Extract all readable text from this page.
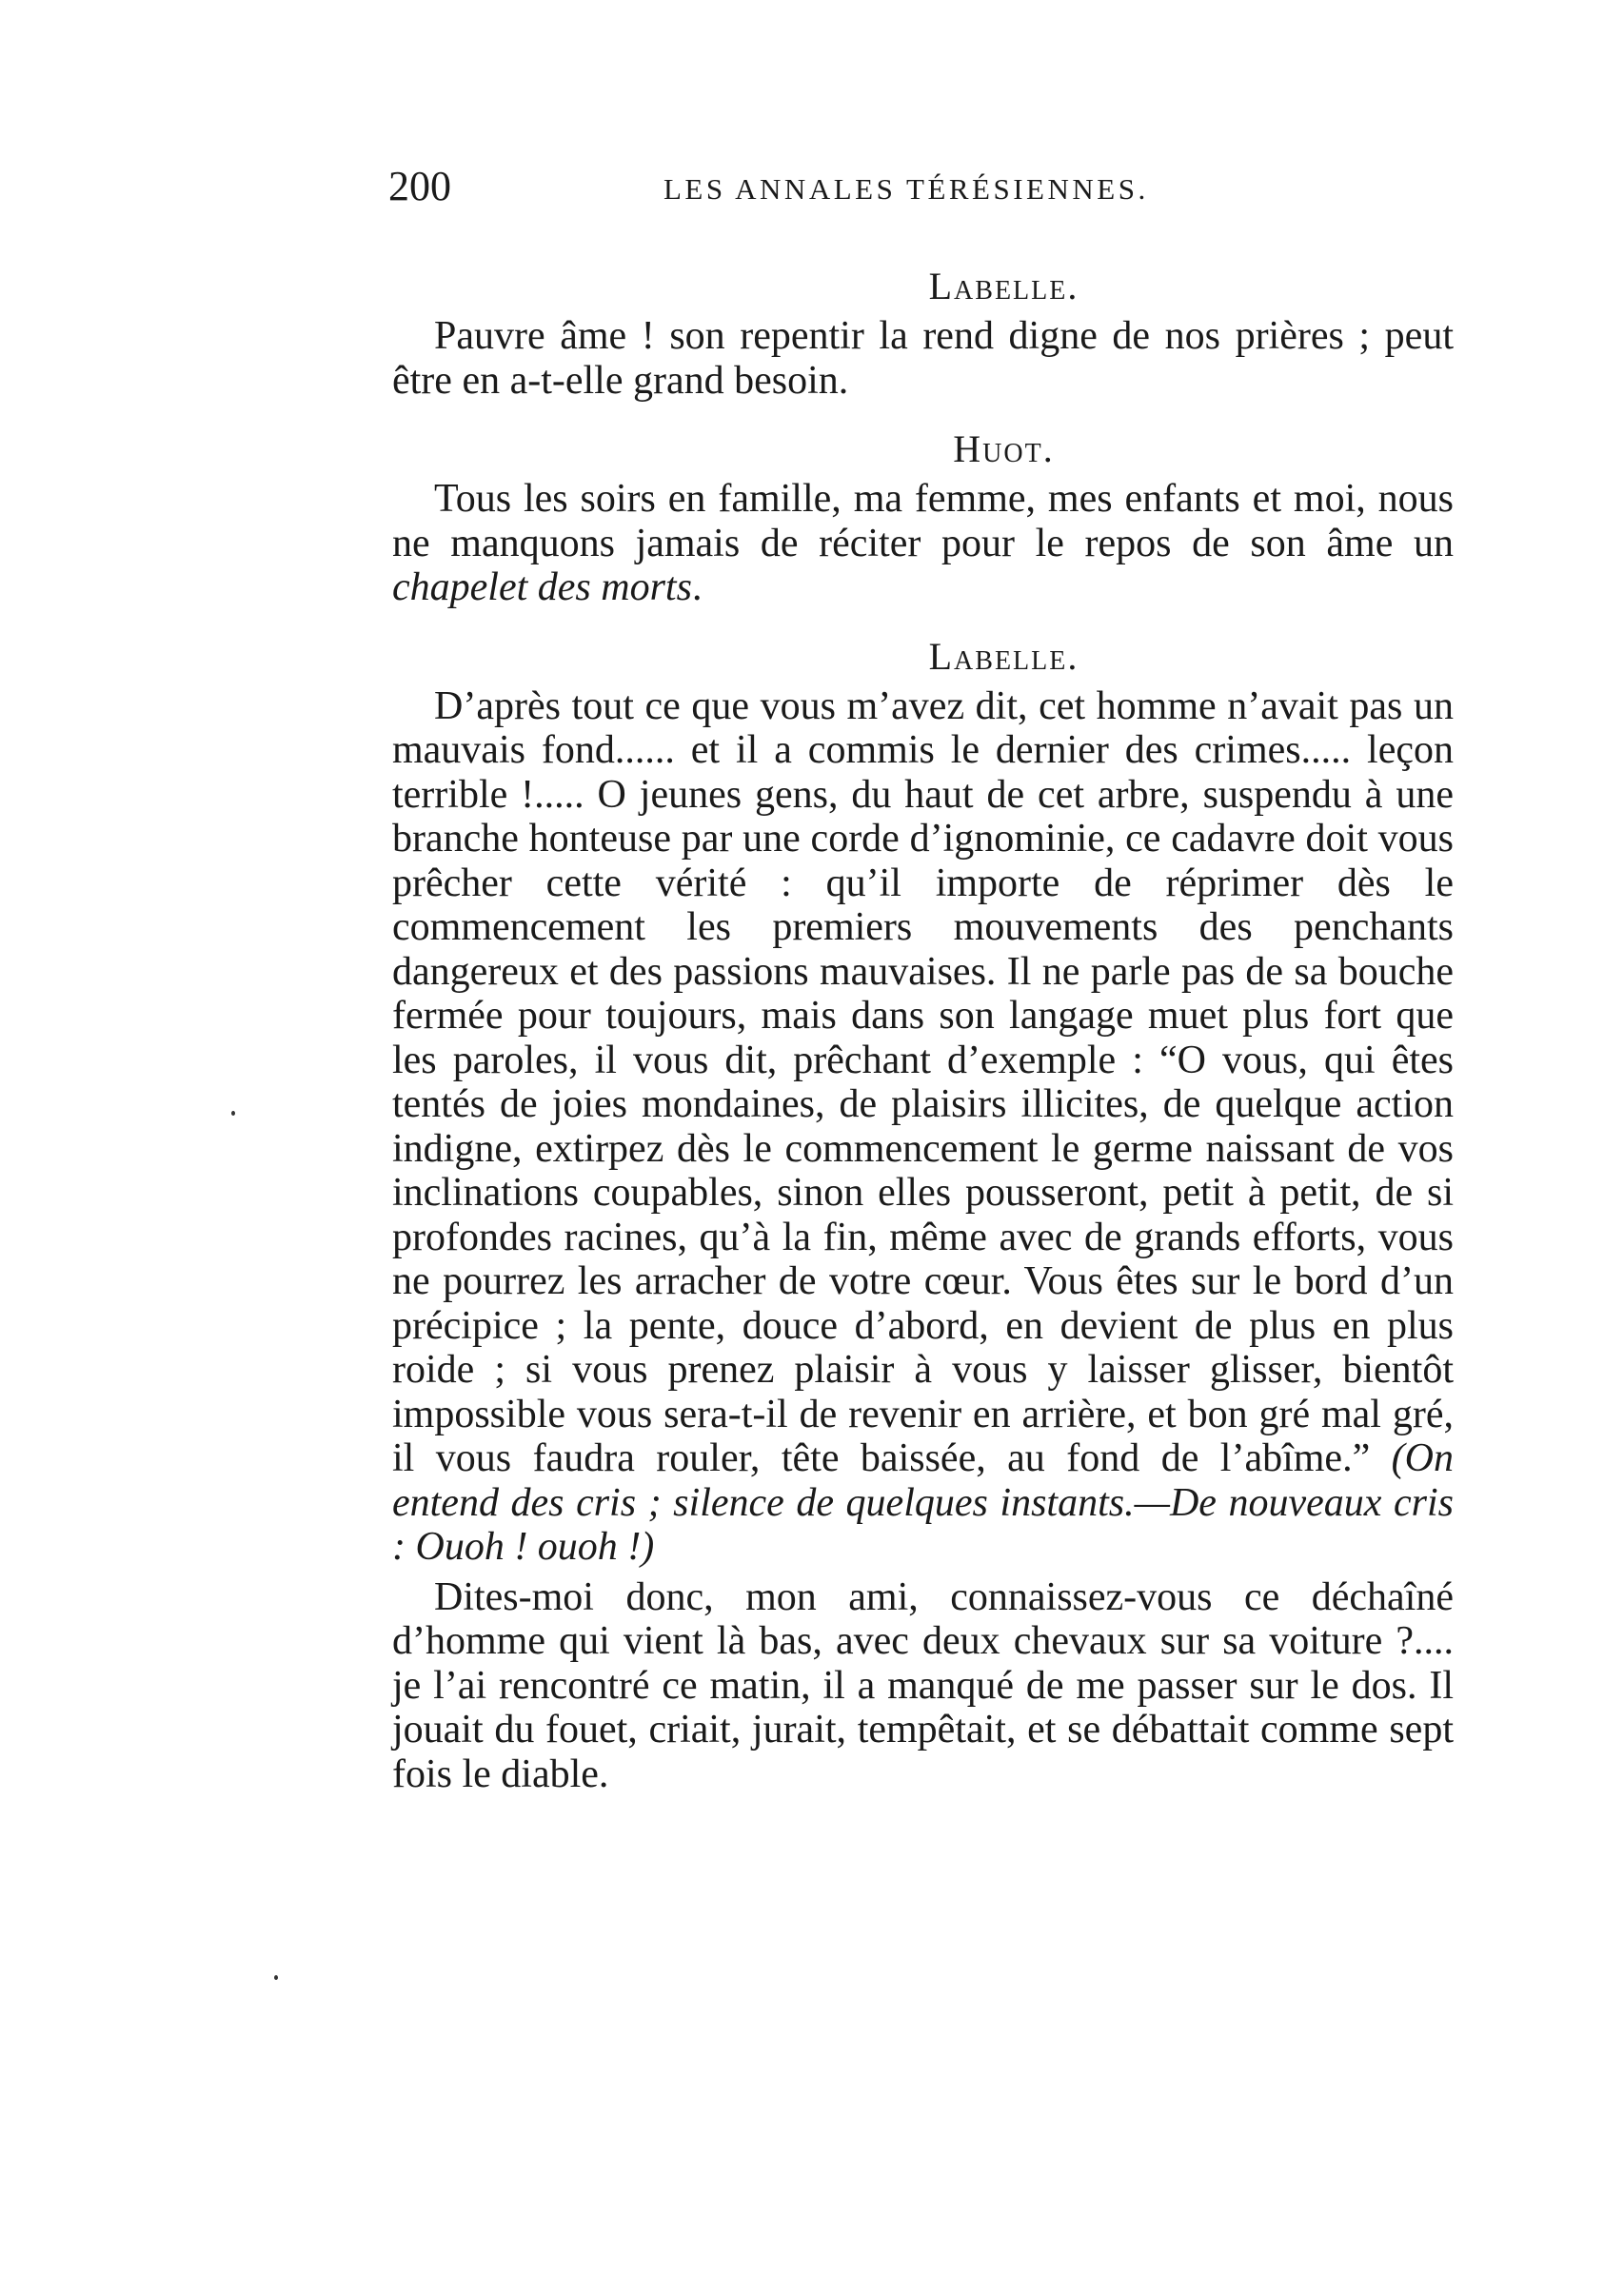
200	LES ANNALES TÉRÉSIENNES.
Labelle.

Pauvre âme ! son repentir la rend digne de nos prières ; peut être en a-t-elle grand besoin.

Huot.

Tous les soirs en famille, ma femme, mes enfants et moi, nous ne manquons jamais de réciter pour le repos de son âme un chapelet des morts.

Labelle.

D’après tout ce que vous m’avez dit, cet homme n’avait pas un mauvais fond...... et il a commis le dernier des crimes..... leçon terrible !..... O jeunes gens, du haut de cet arbre, suspendu à une branche honteuse par une corde d’ignominie, ce cadavre doit vous prêcher cette vérité : qu’il importe de réprimer dès le commencement les premiers mouvements des penchants dangereux et des passions mauvaises. Il ne parle pas de sa bouche fermée pour toujours, mais dans son langage muet plus fort que les paroles, il vous dit, prêchant d’exemple : “O vous, qui êtes tentés de joies mondaines, de plaisirs illicites, de quelque action indigne, extirpez dès le commencement le germe naissant de vos inclinations coupables, sinon elles pousseront, petit à petit, de si profondes racines, qu’à la fin, même avec de grands efforts, vous ne pourrez les arracher de votre cœur. Vous êtes sur le bord d’un précipice ; la pente, douce d’abord, en devient de plus en plus roide ; si vous prenez plaisir à vous y laisser glisser, bientôt impossible vous sera-t-il de revenir en arrière, et bon gré mal gré, il vous faudra rouler, tête baissée, au fond de l’abîme.” (On entend des cris ; silence de quelques instants.—De nouveaux cris : Ouoh ! ouoh !)

Dites-moi donc, mon ami, connaissez-vous ce déchaîné d’homme qui vient là bas, avec deux chevaux sur sa voiture ?.... je l’ai rencontré ce matin, il a manqué de me passer sur le dos. Il jouait du fouet, criait, jurait, tempêtait, et se débattait comme sept fois le diable.
